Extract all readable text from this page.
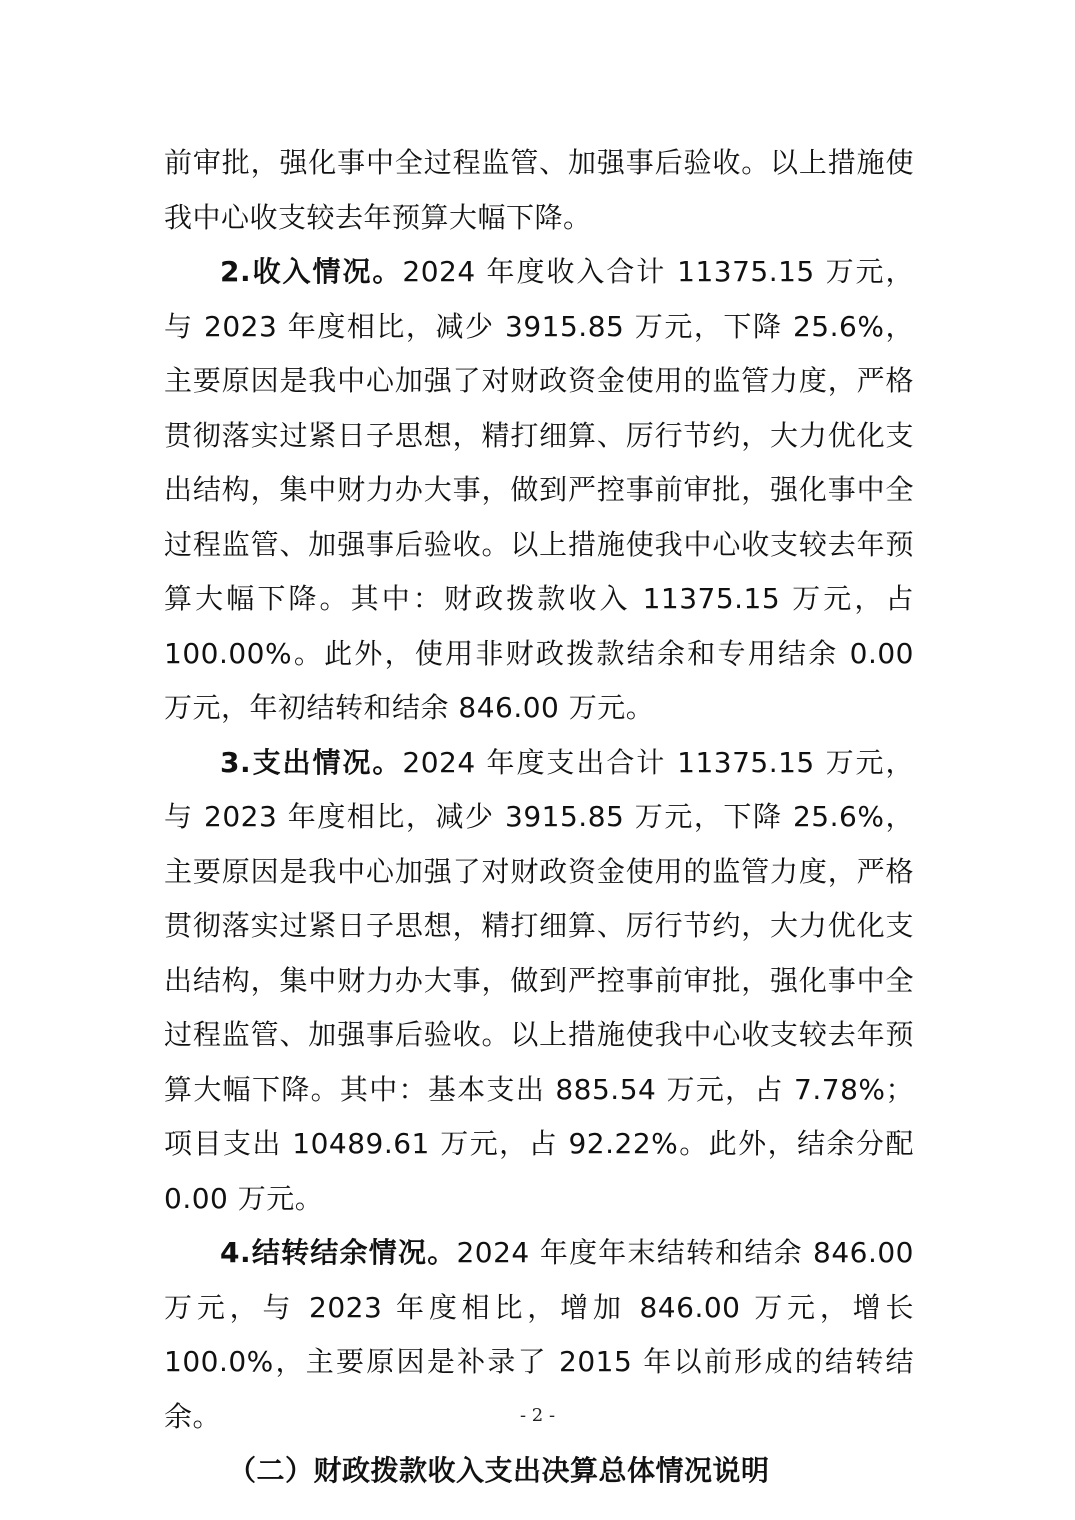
前审批，强化事中全过程监管、加强事后验收。以上措施使我中心收支较去年预算大幅下降。

2.收入情况。2024 年度收入合计 11375.15 万元，与 2023 年度相比，减少 3915.85 万元，下降 25.6%，主要原因是我中心加强了对财政资金使用的监管力度，严格贯彻落实过紧日子思想，精打细算、厉行节约，大力优化支出结构，集中财力办大事，做到严控事前审批，强化事中全过程监管、加强事后验收。以上措施使我中心收支较去年预算大幅下降。其中：财政拨款收入 11375.15 万元，占 100.00%。此外，使用非财政拨款结余和专用结余 0.00 万元，年初结转和结余 846.00 万元。

3.支出情况。2024 年度支出合计 11375.15 万元，与 2023 年度相比，减少 3915.85 万元，下降 25.6%，主要原因是我中心加强了对财政资金使用的监管力度，严格贯彻落实过紧日子思想，精打细算、厉行节约，大力优化支出结构，集中财力办大事，做到严控事前审批，强化事中全过程监管、加强事后验收。以上措施使我中心收支较去年预算大幅下降。其中：基本支出 885.54 万元，占 7.78%；项目支出 10489.61 万元，占 92.22%。此外，结余分配 0.00 万元。

4.结转结余情况。2024 年度年末结转和结余 846.00 万元，与 2023 年度相比，增加 846.00 万元，增长 100.0%，主要原因是补录了 2015 年以前形成的结转结余。

（二）财政拨款收入支出决算总体情况说明

- 2 -
